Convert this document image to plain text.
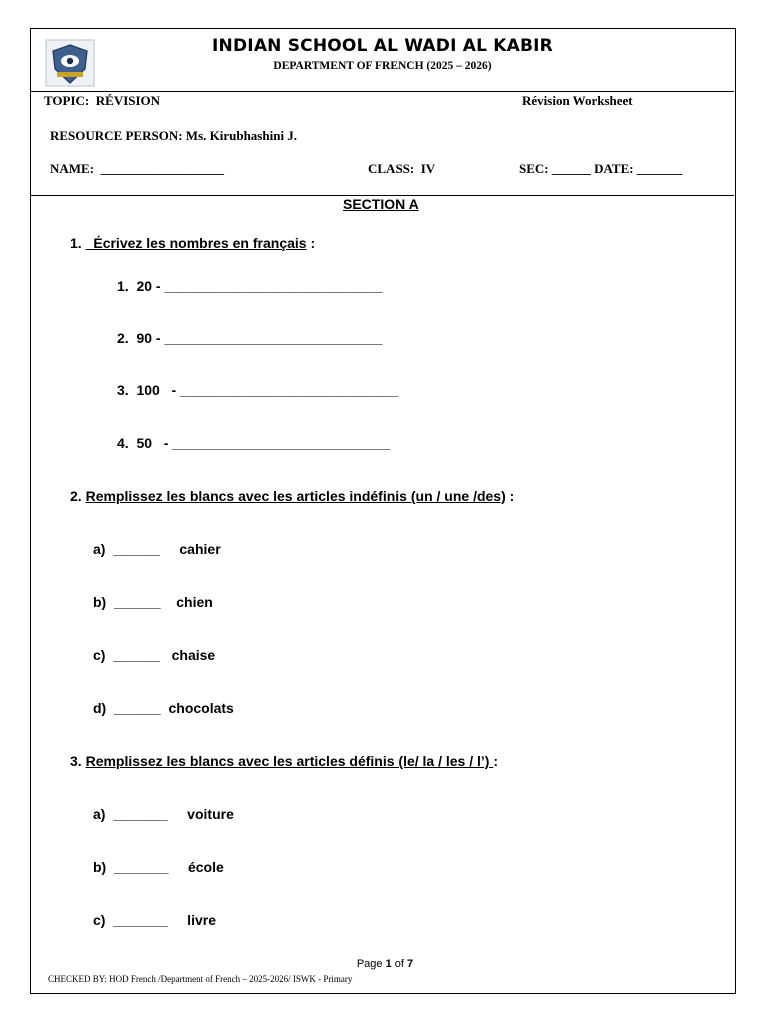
INDIAN SCHOOL AL WADI AL KABIR
DEPARTMENT OF FRENCH (2025 – 2026)
TOPIC:  RÉVISION	Révision Worksheet
RESOURCE PERSON: Ms. Kirubhashini J.
NAME:  ___________________	CLASS:  IV	SEC: ______ DATE: _______
SECTION A
1.   Écrivez les nombres en français :
1.  20 - ____________________________
2.  90 - ____________________________
3.  100   - ____________________________
4.  50   - ____________________________
2. Remplissez les blancs avec les articles indéfinis (un / une /des) :
a)  ______     cahier
b)  ______    chien
c)  ______   chaise
d)  ______  chocolats
3. Remplissez les blancs avec les articles définis (le/ la / les / l’) :
a)  _______     voiture
b)  _______     école
c)  _______     livre
Page 1 of 7
CHECKED BY: HOD French /Department of French – 2025-2026/ ISWK - Primary
